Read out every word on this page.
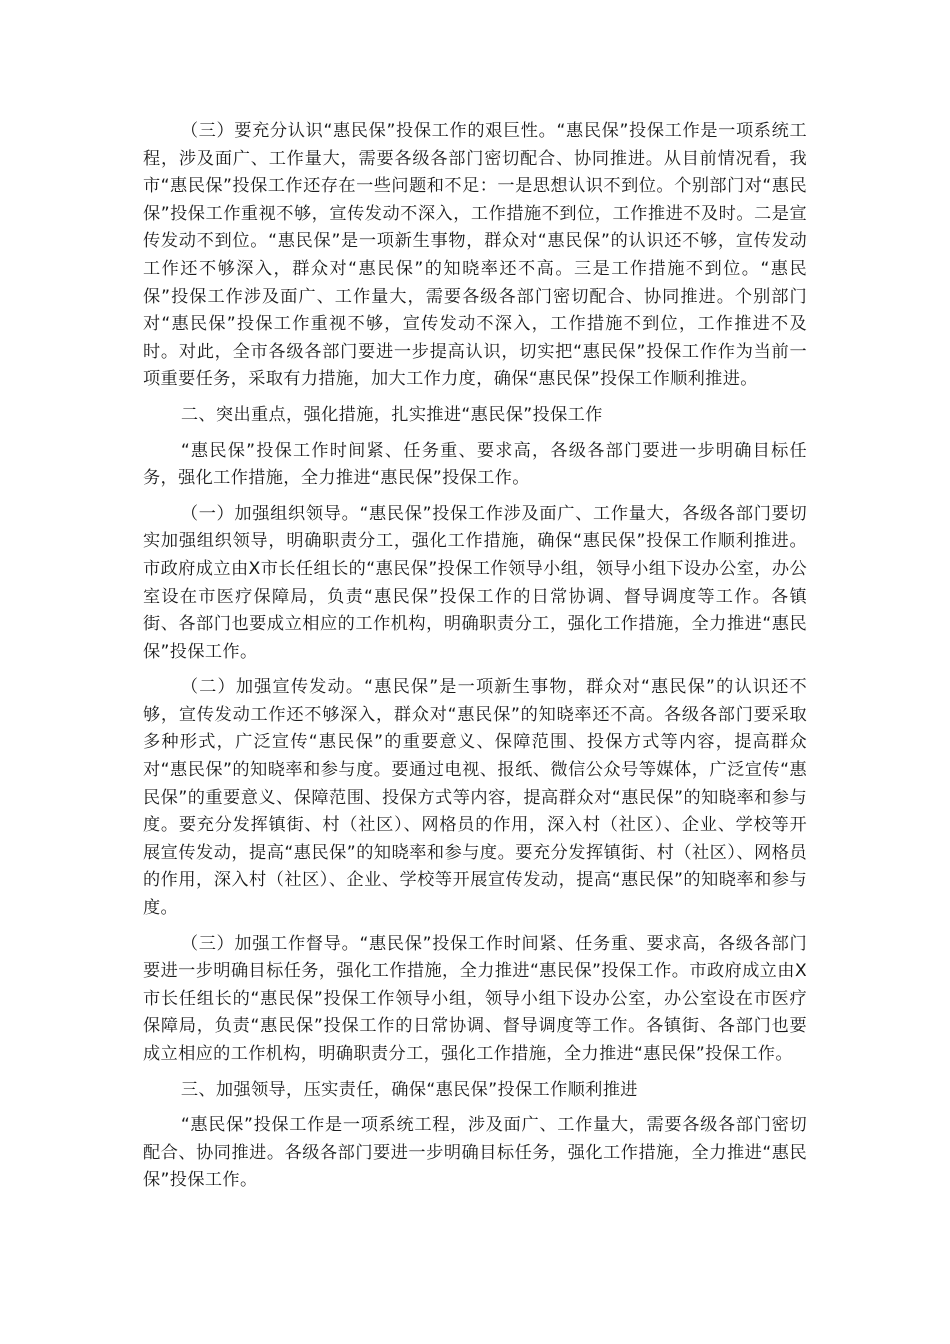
（三）要充分认识“惠民保”投保工作的艰巨性。“惠民保”投保工作是一项系统工程，涉及面广、工作量大，需要各级各部门密切配合、协同推进。从目前情况看，我市“惠民保”投保工作还存在一些问题和不足：一是思想认识不到位。个别部门对“惠民保”投保工作重视不够，宣传发动不深入，工作措施不到位，工作推进不及时。二是宣传发动不到位。“惠民保”是一项新生事物，群众对“惠民保”的认识还不够，宣传发动工作还不够深入，群众对“惠民保”的知晓率还不高。三是工作措施不到位。“惠民保”投保工作涉及面广、工作量大，需要各级各部门密切配合、协同推进。个别部门对“惠民保”投保工作重视不够，宣传发动不深入，工作措施不到位，工作推进不及时。对此，全市各级各部门要进一步提高认识，切实把“惠民保”投保工作作为当前一项重要任务，采取有力措施，加大工作力度，确保“惠民保”投保工作顺利推进。

二、突出重点，强化措施，扎实推进“惠民保”投保工作

“惠民保”投保工作时间紧、任务重、要求高，各级各部门要进一步明确目标任务，强化工作措施，全力推进“惠民保”投保工作。

（一）加强组织领导。“惠民保”投保工作涉及面广、工作量大，各级各部门要切实加强组织领导，明确职责分工，强化工作措施，确保“惠民保”投保工作顺利推进。市政府成立由X市长任组长的“惠民保”投保工作领导小组，领导小组下设办公室，办公室设在市医疗保障局，负责“惠民保”投保工作的日常协调、督导调度等工作。各镇街、各部门也要成立相应的工作机构，明确职责分工，强化工作措施，全力推进“惠民保”投保工作。

（二）加强宣传发动。“惠民保”是一项新生事物，群众对“惠民保”的认识还不够，宣传发动工作还不够深入，群众对“惠民保”的知晓率还不高。各级各部门要采取多种形式，广泛宣传“惠民保”的重要意义、保障范围、投保方式等内容，提高群众对“惠民保”的知晓率和参与度。要通过电视、报纸、微信公众号等媒体，广泛宣传“惠民保”的重要意义、保障范围、投保方式等内容，提高群众对“惠民保”的知晓率和参与度。要充分发挥镇街、村（社区）、网格员的作用，深入村（社区）、企业、学校等开展宣传发动，提高“惠民保”的知晓率和参与度。要充分发挥镇街、村（社区）、网格员的作用，深入村（社区）、企业、学校等开展宣传发动，提高“惠民保”的知晓率和参与度。

（三）加强工作督导。“惠民保”投保工作时间紧、任务重、要求高，各级各部门要进一步明确目标任务，强化工作措施，全力推进“惠民保”投保工作。市政府成立由X市长任组长的“惠民保”投保工作领导小组，领导小组下设办公室，办公室设在市医疗保障局，负责“惠民保”投保工作的日常协调、督导调度等工作。各镇街、各部门也要成立相应的工作机构，明确职责分工，强化工作措施，全力推进“惠民保”投保工作。

三、加强领导，压实责任，确保“惠民保”投保工作顺利推进

“惠民保”投保工作是一项系统工程，涉及面广、工作量大，需要各级各部门密切配合、协同推进。各级各部门要进一步明确目标任务，强化工作措施，全力推进“惠民保”投保工作。
